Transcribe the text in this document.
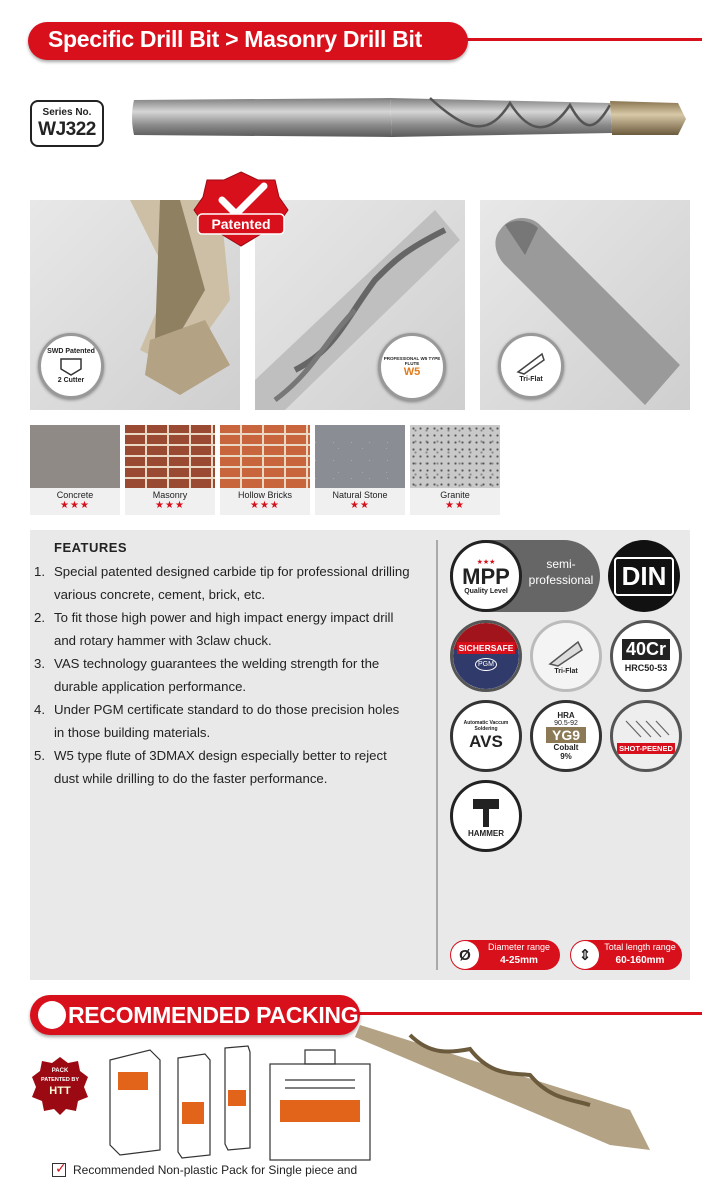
Specific Drill Bit > Masonry Drill Bit
Series No.
WJ322
SWD Patented
2 Cutter
PROFESSIONAL W5 TYPE FLUTE
W5
Tri-Flat
Patented
Concrete
★★★
Masonry
★★★
Hollow Bricks
★★★
Natural Stone
★★
Granite
★★
FEATURES
1. Special patented designed carbide tip for professional drilling various concrete, cement, brick, etc.
2. To fit those high power and high impact energy impact drill and rotary hammer with 3claw chuck.
3. VAS technology guarantees the welding strength for the durable application performance.
4. Under PGM certificate standard to do those precision holes in those building materials.
5. W5 type flute of 3DMAX design especially better to reject dust while drilling to do the faster performance.
★★★
MPP
Quality Level
semi-
professional	DIN
SICHERSAFE
PGM
Tri-Flat
40Cr
HRC50-53
Automatic Vaccum Soldering
AVS
HRA
90.5-92
YG9
Cobalt
9%
SHOT-PEENED
HAMMER
Ø	Diameter range
4-25mm	⇕	Total length range
60-160mm
RECOMMENDED PACKING
PACK
PATENTED BY
HTT
✓ Recommended Non-plastic Pack for Single piece and
